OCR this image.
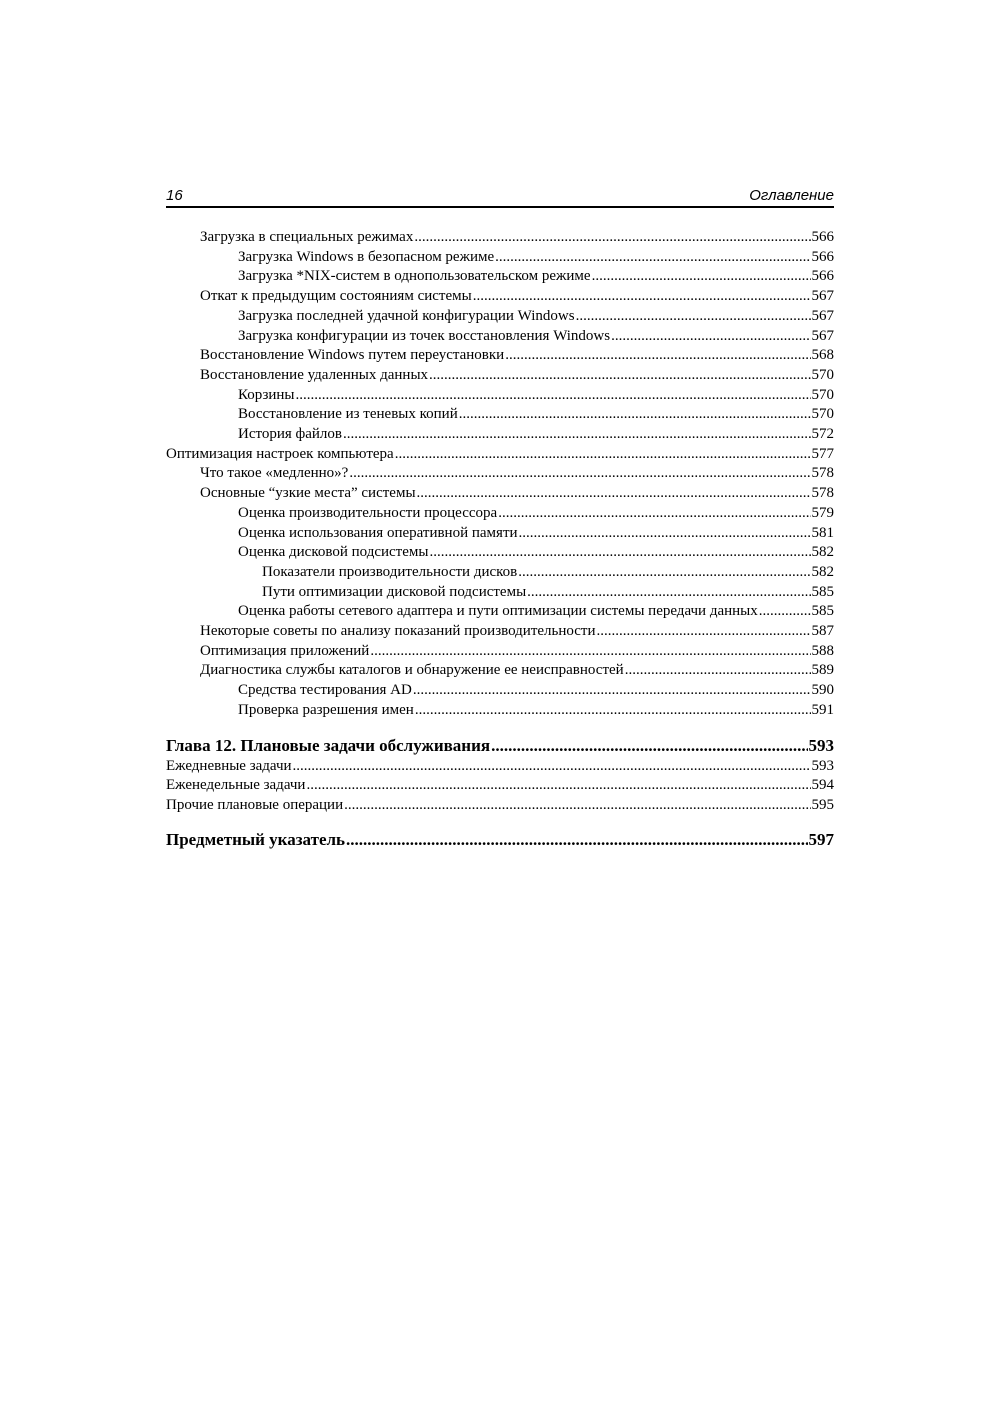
16	Оглавление
Загрузка в специальных режимах .....	566
Загрузка Windows в безопасном режиме .....	566
Загрузка *NIX-систем в однопользовательском режиме .....	566
Откат к предыдущим состояниям системы .....	567
Загрузка последней удачной конфигурации Windows .....	567
Загрузка конфигурации из точек восстановления Windows .....	567
Восстановление Windows путем переустановки .....	568
Восстановление удаленных данных .....	570
Корзины .....	570
Восстановление из теневых копий .....	570
История файлов .....	572
Оптимизация настроек компьютера .....	577
Что такое «медленно»? .....	578
Основные “узкие места” системы .....	578
Оценка производительности процессора .....	579
Оценка использования оперативной памяти .....	581
Оценка дисковой подсистемы .....	582
Показатели производительности дисков .....	582
Пути оптимизации дисковой подсистемы .....	585
Оценка работы сетевого адаптера и пути оптимизации системы передачи данных .....	585
Некоторые советы по анализу показаний производительности .....	587
Оптимизация приложений .....	588
Диагностика службы каталогов и обнаружение ее неисправностей .....	589
Средства тестирования AD .....	590
Проверка разрешения имен .....	591
Глава 12. Плановые задачи обслуживания .....	593
Ежедневные задачи .....	593
Еженедельные задачи .....	594
Прочие плановые операции .....	595
Предметный указатель .....	597
